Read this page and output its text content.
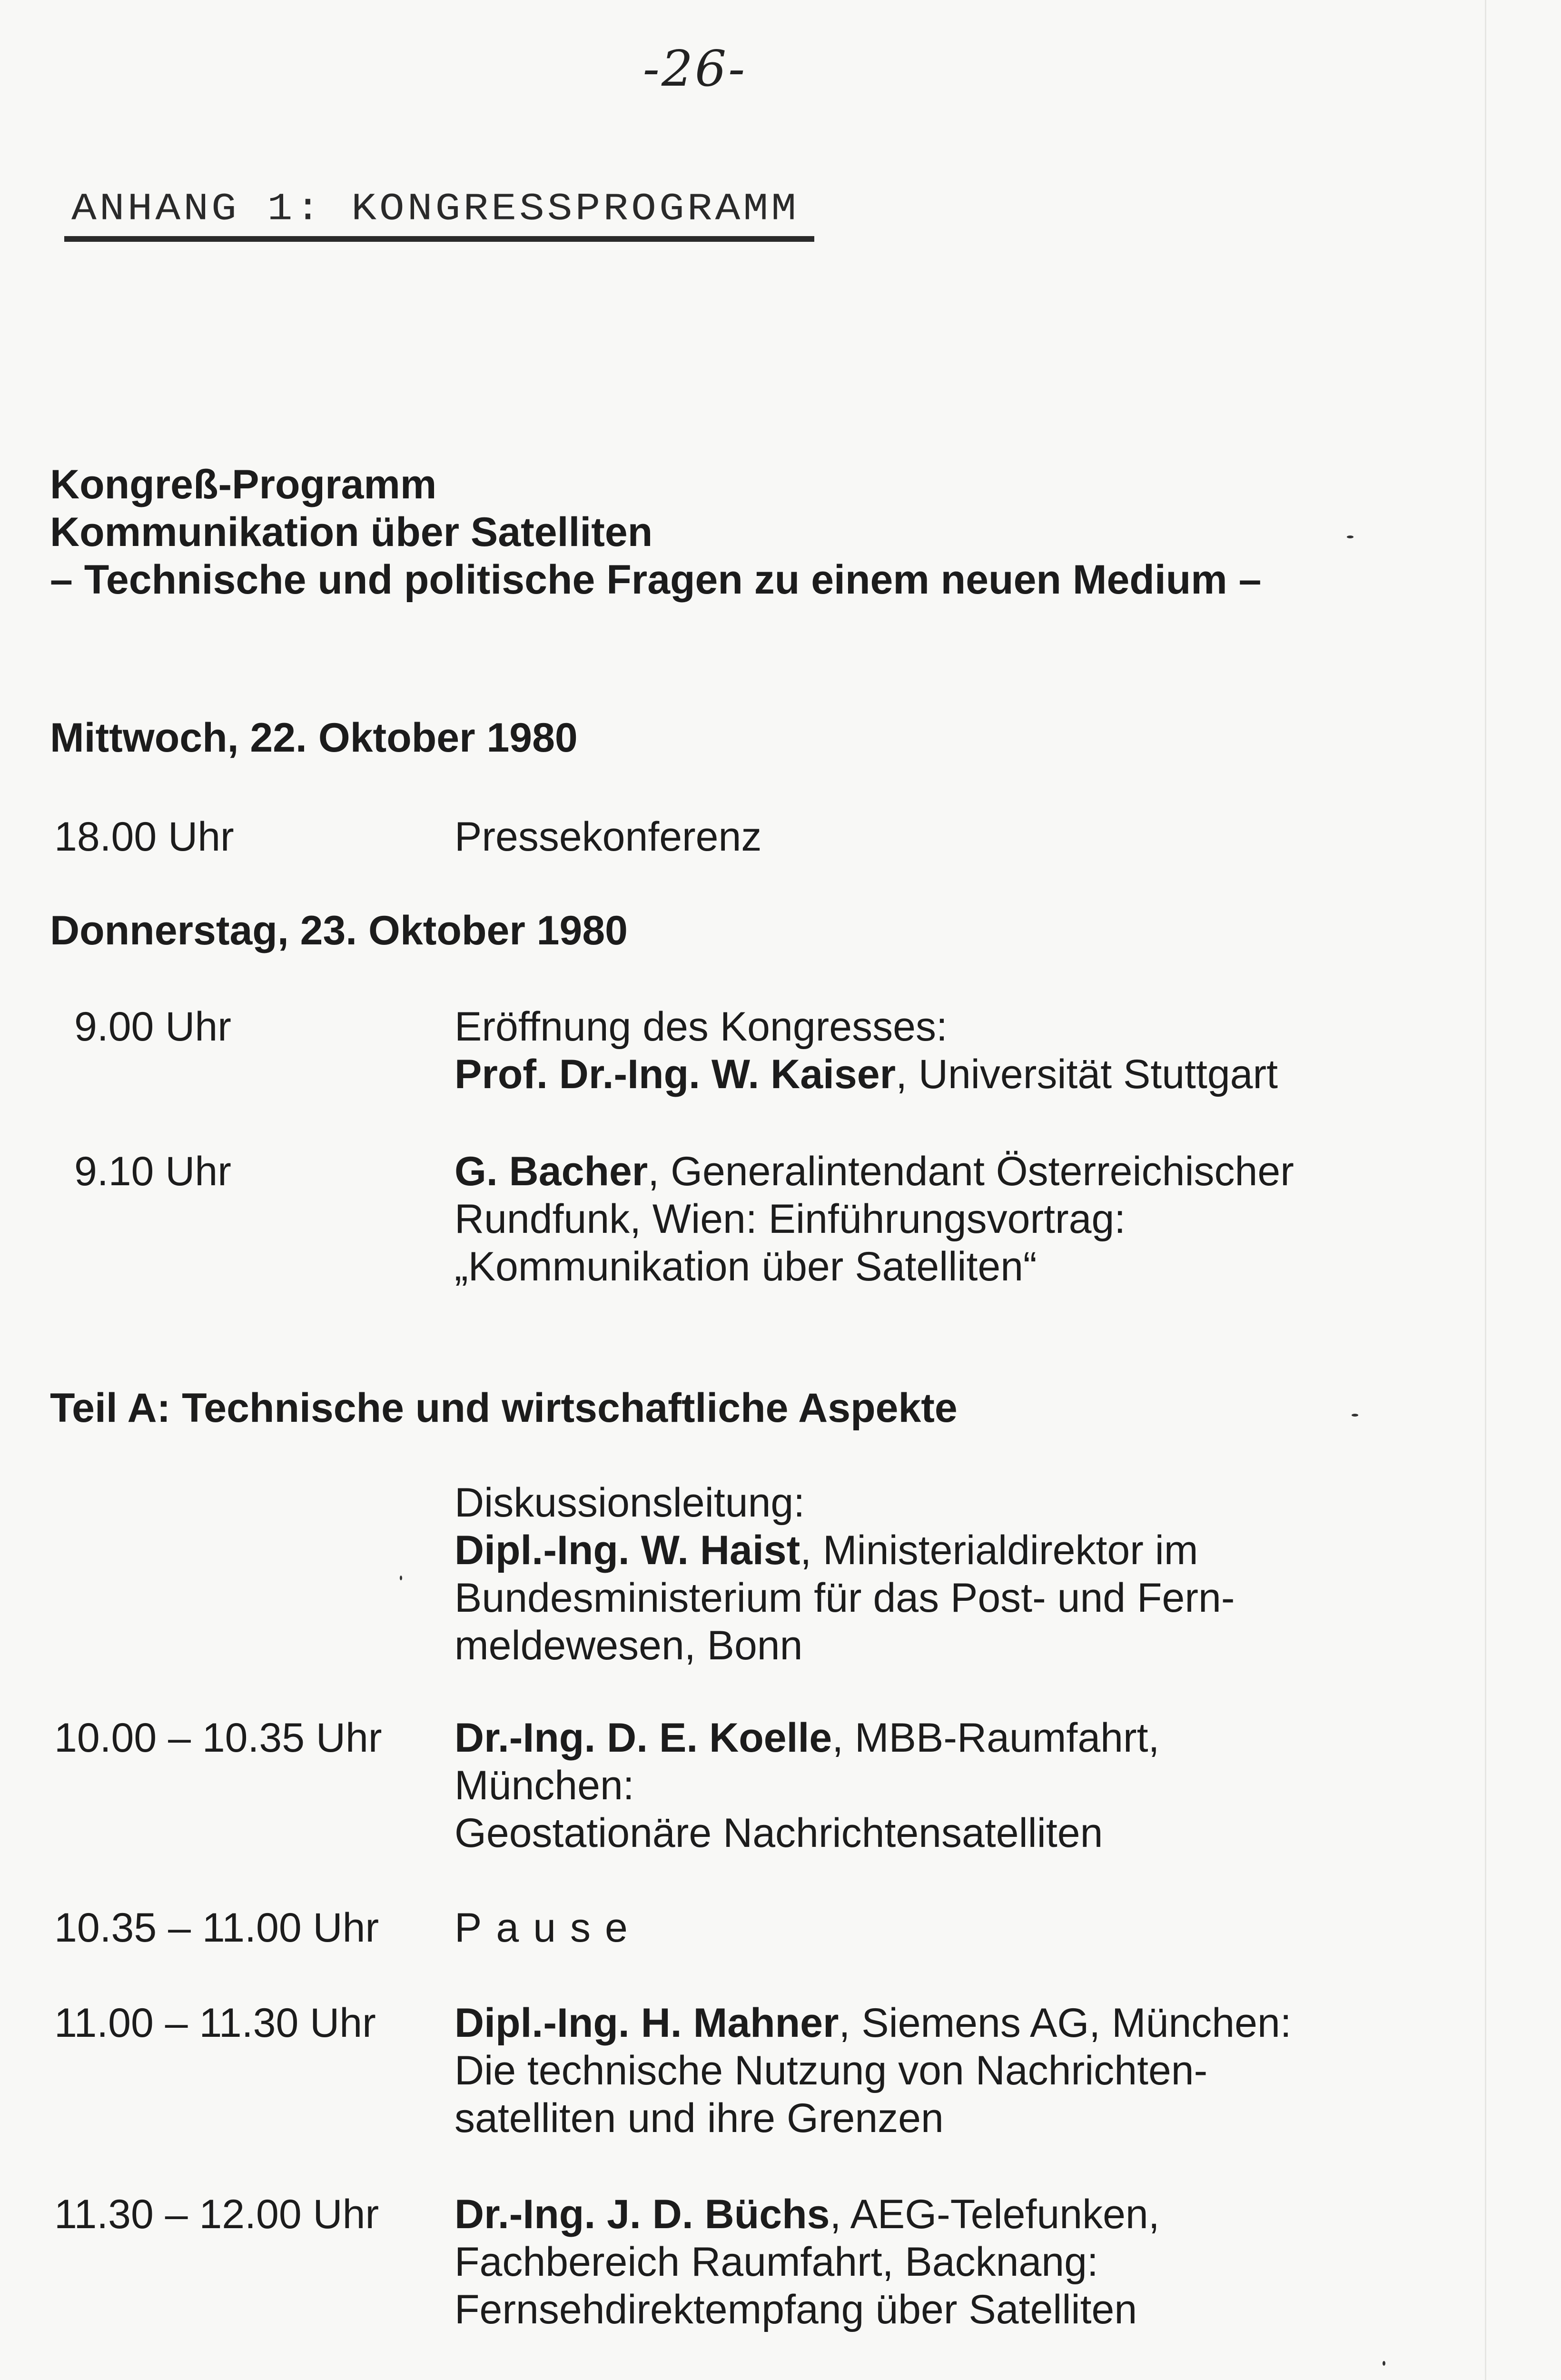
-26-
ANHANG 1: KONGRESSPROGRAMM
Kongreß-Programm
Kommunikation über Satelliten
– Technische und politische Fragen zu einem neuen Medium –
Mittwoch, 22. Oktober 1980
18.00 Uhr	Pressekonferenz
Donnerstag, 23. Oktober 1980
9.00 Uhr	Eröffnung des Kongresses:
Prof. Dr.-Ing. W. Kaiser, Universität Stuttgart
9.10 Uhr	G. Bacher, Generalintendant Österreichischer
Rundfunk, Wien: Einführungsvortrag:
„Kommunikation über Satelliten“
Teil A: Technische und wirtschaftliche Aspekte
Diskussionsleitung:
Dipl.-Ing. W. Haist, Ministerialdirektor im
Bundesministerium für das Post- und Fern-
meldewesen, Bonn
10.00 – 10.35 Uhr Dr.-Ing. D. E. Koelle, MBB-Raumfahrt,
München:
Geostationäre Nachrichtensatelliten
10.35 – 11.00 Uhr Pause
11.00 – 11.30 Uhr Dipl.-Ing. H. Mahner, Siemens AG, München:
Die technische Nutzung von Nachrichten-
satelliten und ihre Grenzen
11.30 – 12.00 Uhr Dr.-Ing. J. D. Büchs, AEG-Telefunken,
Fachbereich Raumfahrt, Backnang:
Fernsehdirektempfang über Satelliten
